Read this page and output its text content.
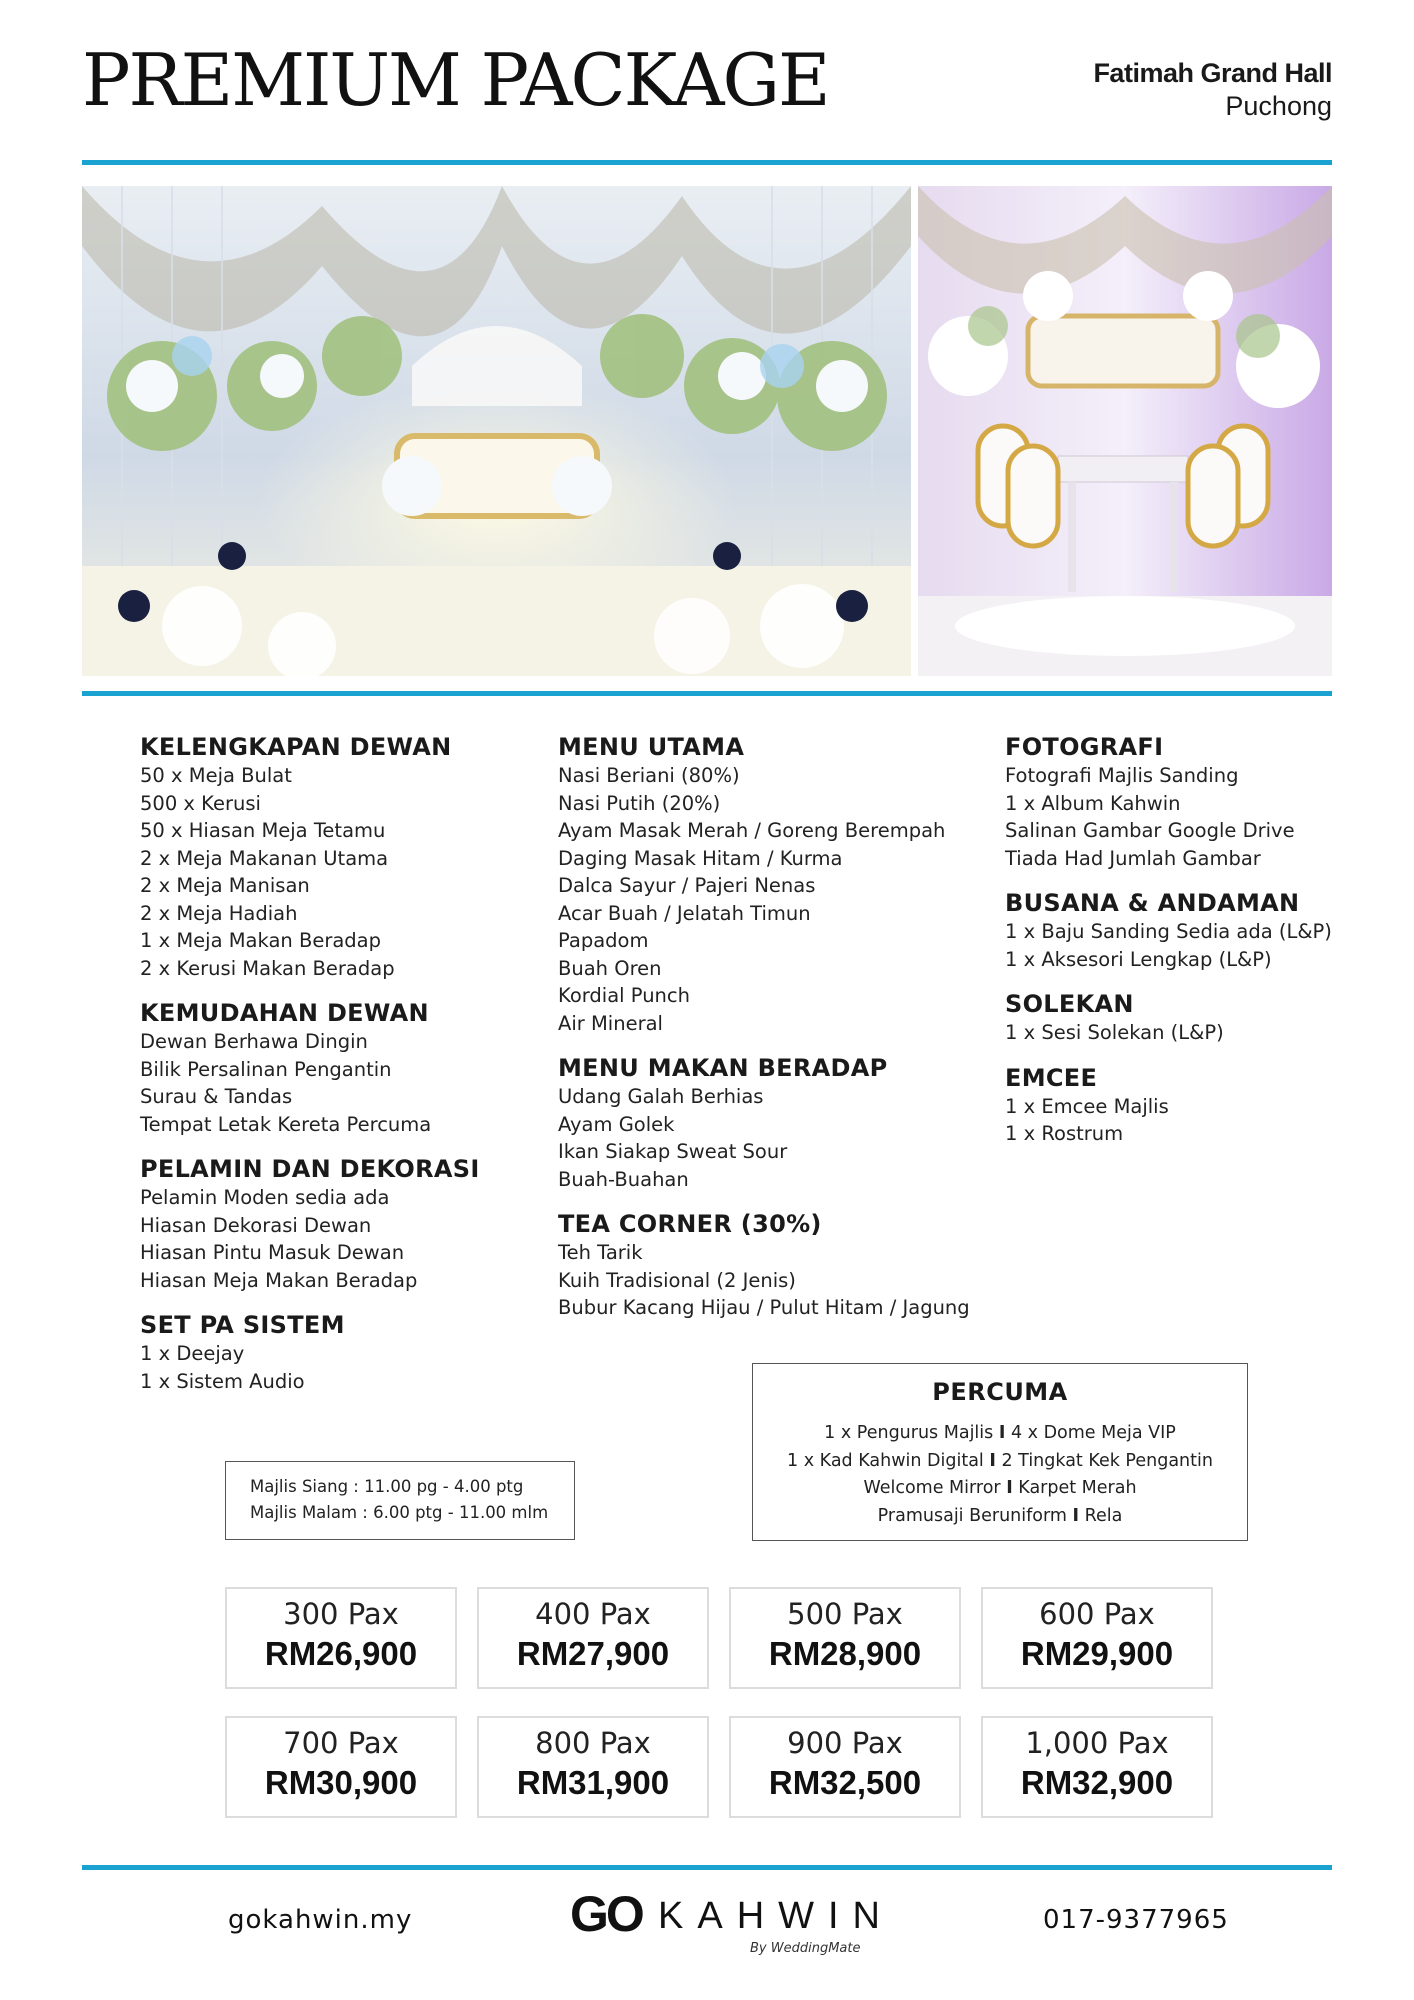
PREMIUM PACKAGE	Fatimah Grand Hall
Puchong
KELENGKAPAN DEWAN
50 x Meja Bulat
500 x Kerusi
50 x Hiasan Meja Tetamu
2 x Meja Makanan Utama
2 x Meja Manisan
2 x Meja Hadiah
1 x Meja Makan Beradap
2 x Kerusi Makan Beradap
KEMUDAHAN DEWAN
Dewan Berhawa Dingin
Bilik Persalinan Pengantin
Surau & Tandas
Tempat Letak Kereta Percuma
PELAMIN DAN DEKORASI
Pelamin Moden sedia ada
Hiasan Dekorasi Dewan
Hiasan Pintu Masuk Dewan
Hiasan Meja Makan Beradap
SET PA SISTEM
1 x Deejay
1 x Sistem Audio
MENU UTAMA
Nasi Beriani (80%)
Nasi Putih (20%)
Ayam Masak Merah / Goreng Berempah
Daging Masak Hitam / Kurma
Dalca Sayur / Pajeri Nenas
Acar Buah / Jelatah Timun
Papadom
Buah Oren
Kordial Punch
Air Mineral
MENU MAKAN BERADAP
Udang Galah Berhias
Ayam Golek
Ikan Siakap Sweat Sour
Buah-Buahan
TEA CORNER (30%)
Teh Tarik
Kuih Tradisional (2 Jenis)
Bubur Kacang Hijau / Pulut Hitam / Jagung
FOTOGRAFI
Fotografi Majlis Sanding
1 x Album Kahwin
Salinan Gambar Google Drive
Tiada Had Jumlah Gambar
BUSANA & ANDAMAN
1 x Baju Sanding Sedia ada (L&P)
1 x Aksesori Lengkap (L&P)
SOLEKAN
1 x Sesi Solekan (L&P)
EMCEE
1 x Emcee Majlis
1 x Rostrum
Majlis Siang : 11.00 pg - 4.00 ptg
Majlis Malam : 6.00 ptg - 11.00 mlm
PERCUMA
1 x Pengurus Majlis I 4 x Dome Meja VIP
1 x Kad Kahwin Digital I 2 Tingkat Kek Pengantin
Welcome Mirror I Karpet Merah
Pramusaji Beruniform I Rela
300 Pax
RM26,900
400 Pax
RM27,900
500 Pax
RM28,900
600 Pax
RM29,900
700 Pax
RM30,900
800 Pax
RM31,900
900 Pax
RM32,500
1,000 Pax
RM32,900
gokahwin.my	GO KAHWIN
By WeddingMate
017-9377965
